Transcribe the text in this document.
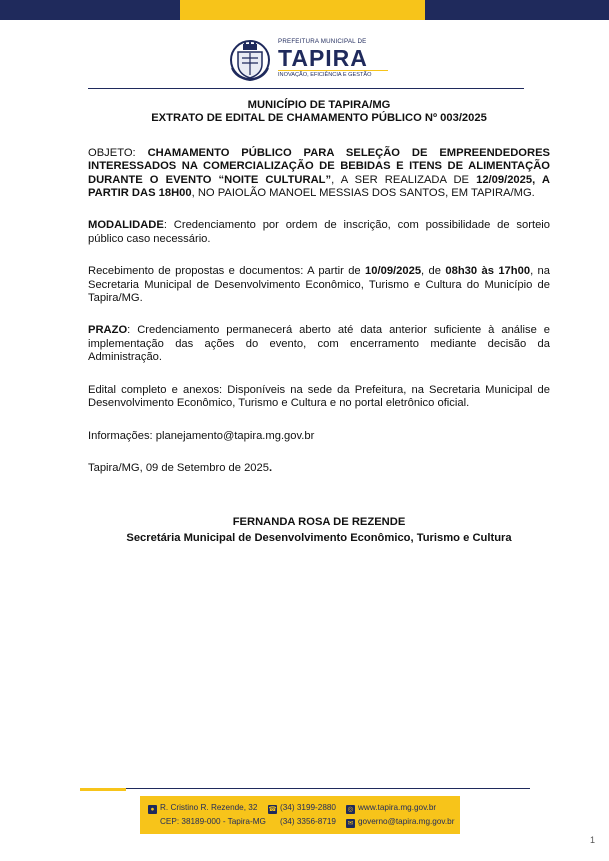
PREFEITURA MUNICIPAL DE
TAPIRA
INOVAÇÃO, EFICIÊNCIA E GESTÃO

MUNICÍPIO DE TAPIRA/MG

EXTRATO DE EDITAL DE CHAMAMENTO PÚBLICO Nº 003/2025

OBJETO: CHAMAMENTO PÚBLICO PARA SELEÇÃO DE EMPREENDEDORES INTERESSADOS NA COMERCIALIZAÇÃO DE BEBIDAS E ITENS DE ALIMENTAÇÃO DURANTE O EVENTO “NOITE CULTURAL”, A SER REALIZADA DE 12/09/2025, A PARTIR DAS 18H00, NO PAIOLÃO MANOEL MESSIAS DOS SANTOS, EM TAPIRA/MG.

MODALIDADE: Credenciamento por ordem de inscrição, com possibilidade de sorteio público caso necessário.

Recebimento de propostas e documentos: A partir de 10/09/2025, de 08h30 às 17h00, na Secretaria Municipal de Desenvolvimento Econômico, Turismo e Cultura do Município de Tapira/MG.

PRAZO: Credenciamento permanecerá aberto até data anterior suficiente à análise e implementação das ações do evento, com encerramento mediante decisão da Administração.

Edital completo e anexos: Disponíveis na sede da Prefeitura, na Secretaria Municipal de Desenvolvimento Econômico, Turismo e Cultura e no portal eletrônico oficial.

Informações: planejamento@tapira.mg.gov.br

Tapira/MG, 09 de Setembro de 2025.

FERNANDA ROSA DE REZENDE

Secretária Municipal de Desenvolvimento Econômico, Turismo e Cultura

● R. Cristino R. Rezende, 32
CEP: 38189-000 - Tapira-MG
☎ (34) 3199-2880
(34) 3356-8719
◎ www.tapira.mg.gov.br
✉ governo@tapira.mg.gov.br
1
